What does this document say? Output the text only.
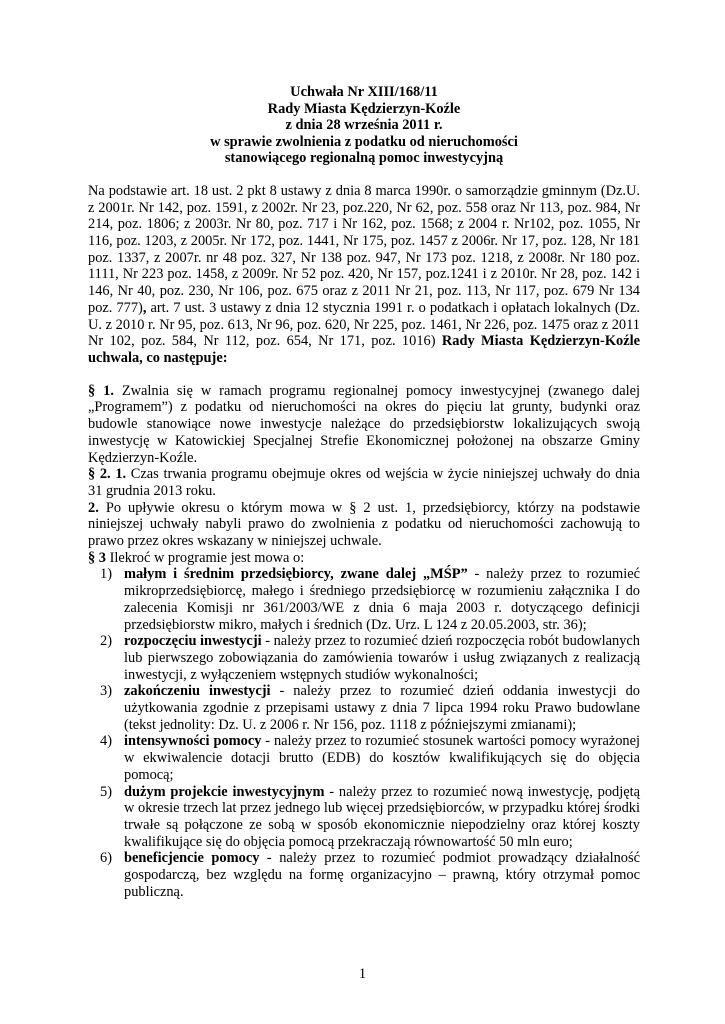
Uchwała Nr XIII/168/11
Rady Miasta Kędzierzyn-Koźle
z dnia 28 września 2011 r.
w sprawie zwolnienia z podatku od nieruchomości
stanowiącego regionalną pomoc inwestycyjną

Na podstawie art. 18 ust. 2 pkt 8 ustawy z dnia 8 marca 1990r. o samorządzie gminnym (Dz.U. z 2001r. Nr 142, poz. 1591, z 2002r. Nr 23, poz.220, Nr 62, poz. 558 oraz Nr 113, poz. 984, Nr 214, poz. 1806; z 2003r. Nr 80, poz. 717 i Nr 162, poz. 1568; z 2004 r. Nr102, poz. 1055, Nr 116, poz. 1203, z 2005r. Nr 172, poz. 1441, Nr 175, poz. 1457 z 2006r. Nr 17, poz. 128, Nr 181 poz. 1337, z 2007r. nr 48 poz. 327, Nr 138 poz. 947, Nr 173 poz. 1218, z 2008r. Nr 180 poz. 1111, Nr 223 poz. 1458, z 2009r. Nr 52 poz. 420, Nr 157, poz.1241 i z 2010r. Nr 28, poz. 142 i 146, Nr 40, poz. 230, Nr 106, poz. 675 oraz z 2011 Nr 21, poz. 113, Nr 117, poz. 679 Nr 134 poz. 777), art. 7 ust. 3 ustawy z dnia 12 stycznia 1991 r. o podatkach i opłatach lokalnych (Dz. U. z 2010 r. Nr 95, poz. 613, Nr 96, poz. 620, Nr 225, poz. 1461, Nr 226, poz. 1475 oraz z 2011 Nr 102, poz. 584, Nr 112, poz. 654, Nr 171, poz. 1016) Rady Miasta Kędzierzyn-Koźle uchwala, co następuje:

§ 1. Zwalnia się w ramach programu regionalnej pomocy inwestycyjnej (zwanego dalej „Programem”) z podatku od nieruchomości na okres do pięciu lat grunty, budynki oraz budowle stanowiące nowe inwestycje należące do przedsiębiorstw lokalizujących swoją inwestycję w Katowickiej Specjalnej Strefie Ekonomicznej położonej na obszarze Gminy Kędzierzyn-Koźle.

§ 2. 1. Czas trwania programu obejmuje okres od wejścia w życie niniejszej uchwały do dnia 31 grudnia 2013 roku.

2. Po upływie okresu o którym mowa w § 2 ust. 1, przedsiębiorcy, którzy na podstawie niniejszej uchwały nabyli prawo do zwolnienia z podatku od nieruchomości zachowują to prawo przez okres wskazany w niniejszej uchwale.

§ 3 Ilekroć w programie jest mowa o:

1) małym i średnim przedsiębiorcy, zwane dalej „MŚP” - należy przez to rozumieć mikroprzedsiębiorcę, małego i średniego przedsiębiorcę w rozumieniu załącznika I do zalecenia Komisji nr 361/2003/WE z dnia 6 maja 2003 r. dotyczącego definicji przedsiębiorstw mikro, małych i średnich (Dz. Urz. L 124 z 20.05.2003, str. 36);
2) rozpoczęciu inwestycji - należy przez to rozumieć dzień rozpoczęcia robót budowlanych lub pierwszego zobowiązania do zamówienia towarów i usług związanych z realizacją inwestycji, z wyłączeniem wstępnych studiów wykonalności;
3) zakończeniu inwestycji - należy przez to rozumieć dzień oddania inwestycji do użytkowania zgodnie z przepisami ustawy z dnia 7 lipca 1994 roku Prawo budowlane (tekst jednolity: Dz. U. z 2006 r. Nr 156, poz. 1118 z późniejszymi zmianami);
4) intensywności pomocy - należy przez to rozumieć stosunek wartości pomocy wyrażonej w ekwiwalencie dotacji brutto (EDB) do kosztów kwalifikujących się do objęcia pomocą;
5) dużym projekcie inwestycyjnym - należy przez to rozumieć nową inwestycję, podjętą w okresie trzech lat przez jednego lub więcej przedsiębiorców, w przypadku której środki trwałe są połączone ze sobą w sposób ekonomicznie niepodzielny oraz której koszty kwalifikujące się do objęcia pomocą przekraczają równowartość 50 mln euro;
6) beneficjencie pomocy - należy przez to rozumieć podmiot prowadzący działalność gospodarczą, bez względu na formę organizacyjno – prawną, który otrzymał pomoc publiczną.
1
